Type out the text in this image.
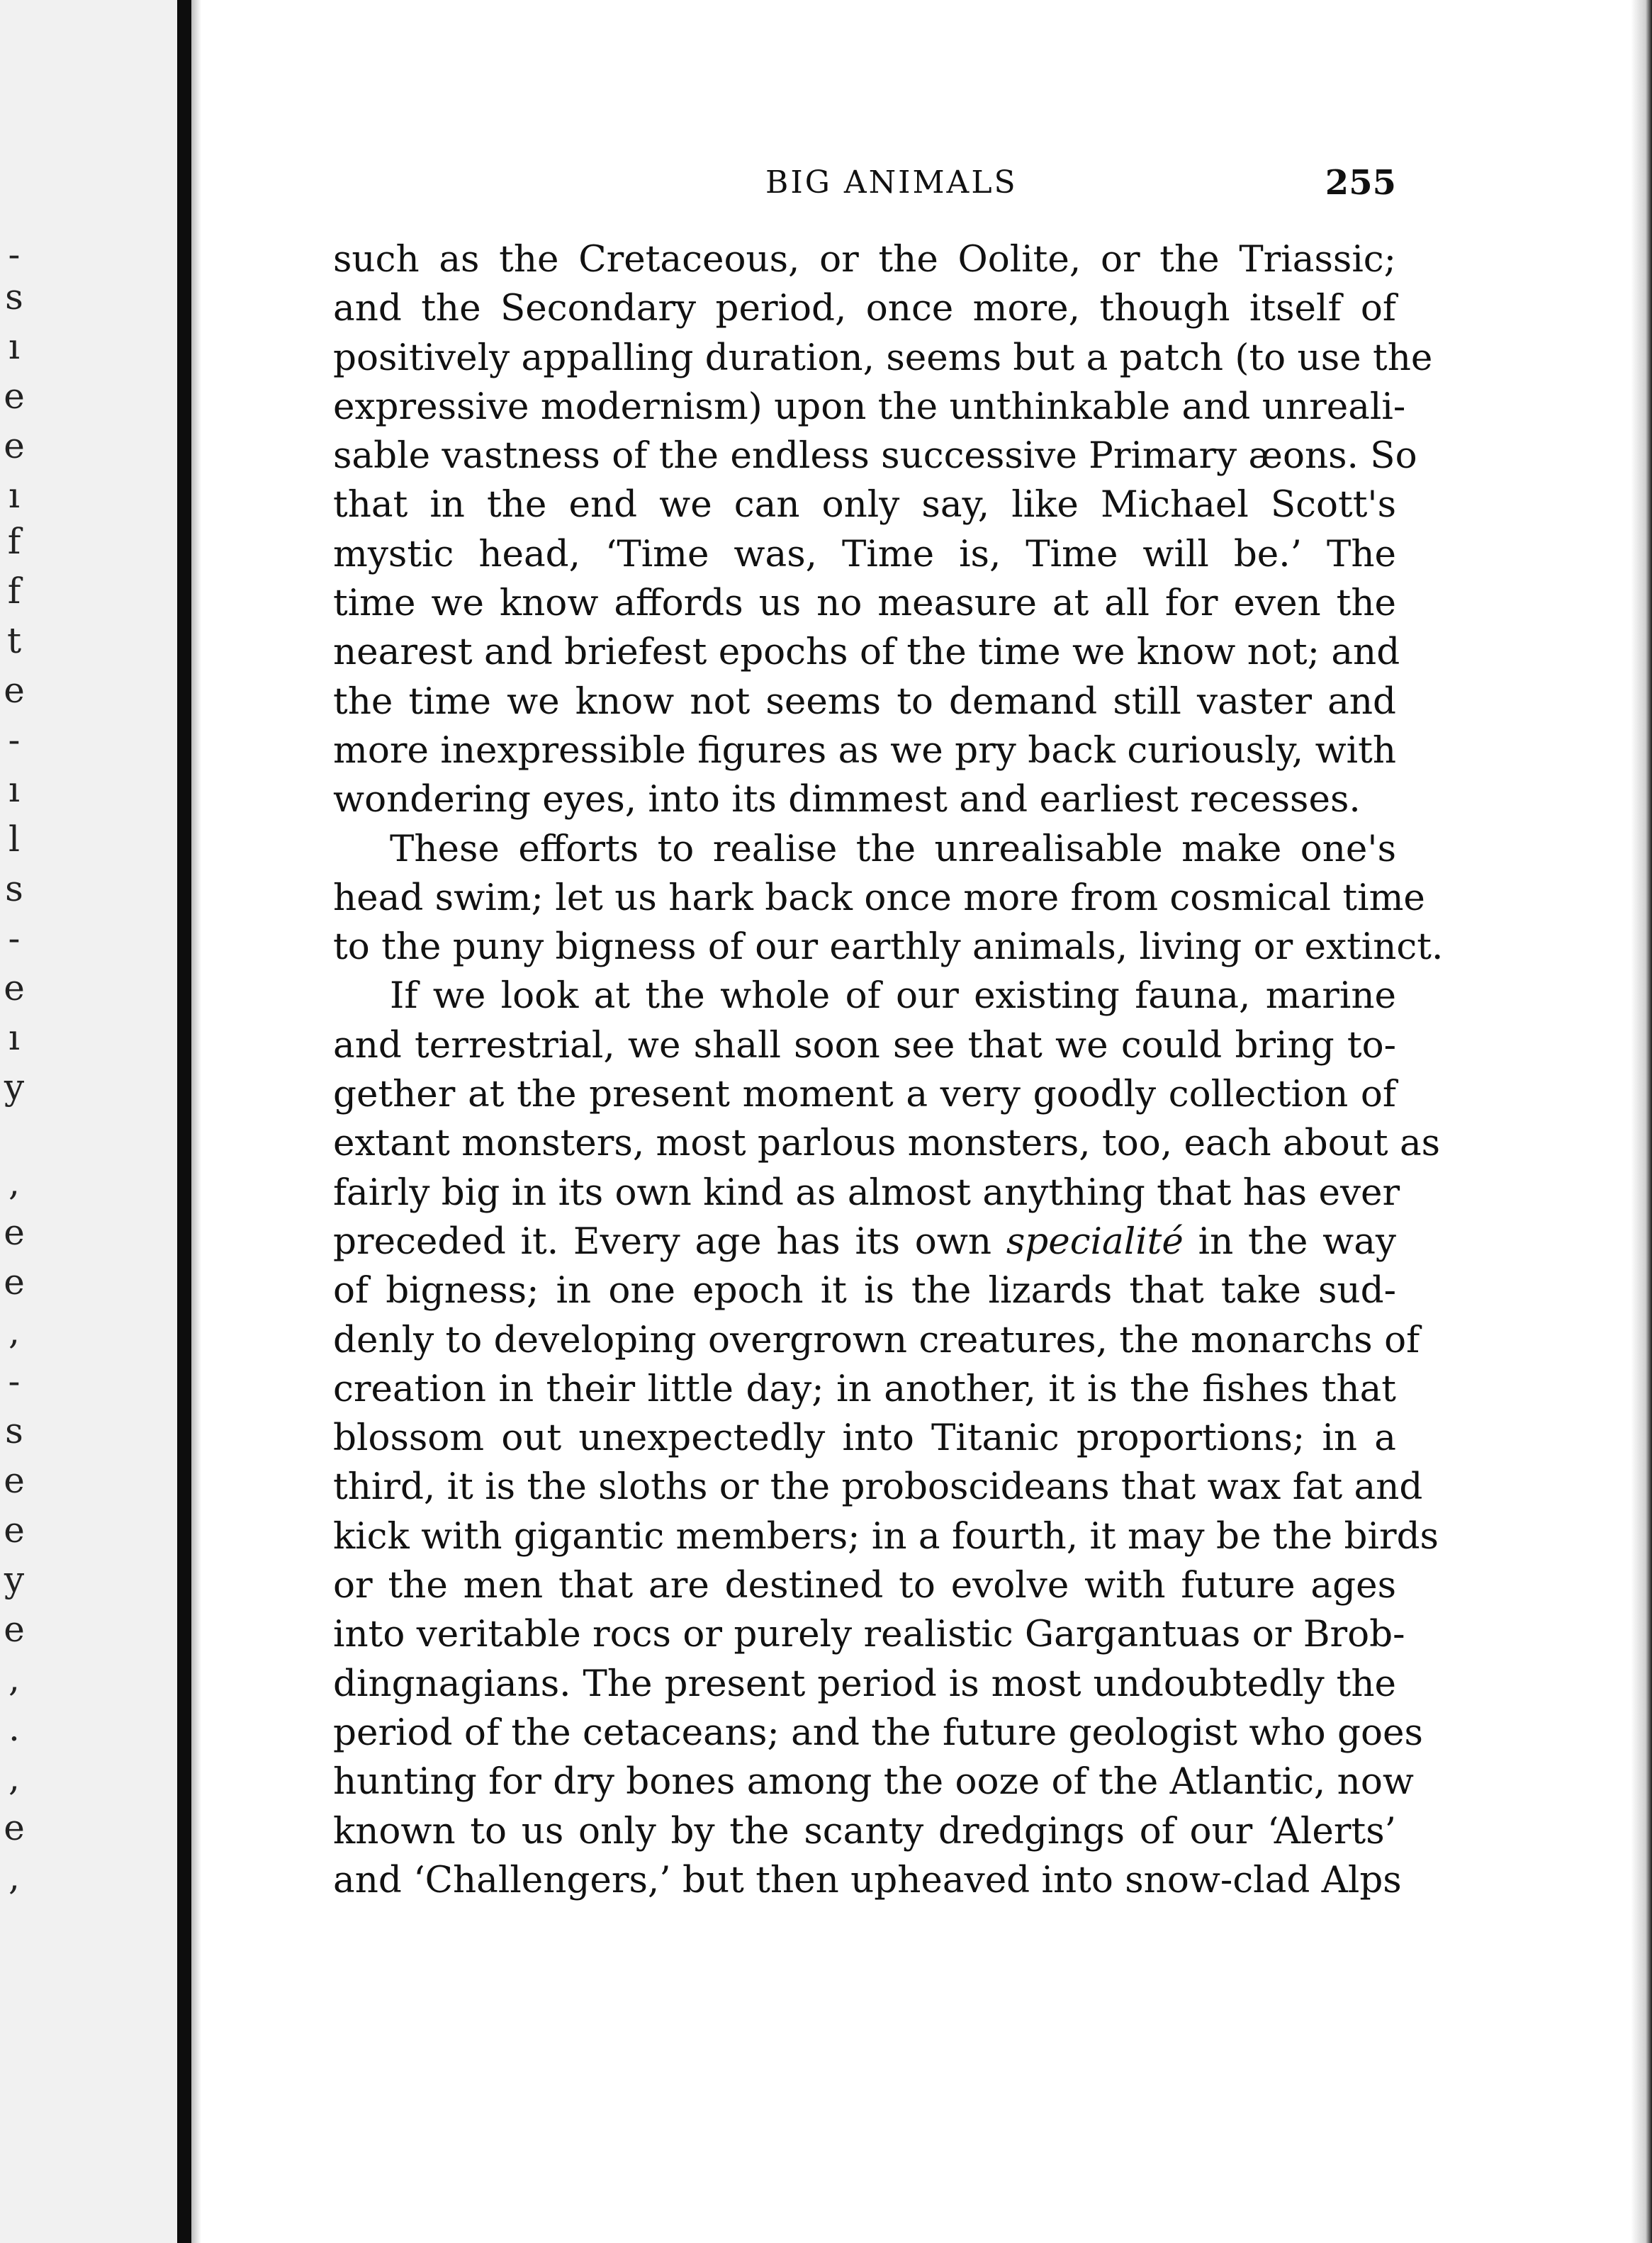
-
s
ı
e
e
ı
f
f
t
e
-
ı
l
s
-
e
ı
y
,
e
e
,
-
s
e
e
y
e
,
.
,
e
,
BIG ANIMALS	255
such as the Cretaceous, or the Oolite, or the Triassic;
and the Secondary period, once more, though itself of
positively appalling duration, seems but a patch (to use the
expressive modernism) upon the unthinkable and unreali-
sable vastness of the endless successive Primary æons. So
that in the end we can only say, like Michael Scott's
mystic head, ‘Time was, Time is, Time will be.’ The
time we know affords us no measure at all for even the
nearest and briefest epochs of the time we know not; and
the time we know not seems to demand still vaster and
more inexpressible figures as we pry back curiously, with
wondering eyes, into its dimmest and earliest recesses.
These efforts to realise the unrealisable make one's
head swim; let us hark back once more from cosmical time
to the puny bigness of our earthly animals, living or extinct.
If we look at the whole of our existing fauna, marine
and terrestrial, we shall soon see that we could bring to-
gether at the present moment a very goodly collection of
extant monsters, most parlous monsters, too, each about as
fairly big in its own kind as almost anything that has ever
preceded it. Every age has its own specialité in the way
of bigness; in one epoch it is the lizards that take sud-
denly to developing overgrown creatures, the monarchs of
creation in their little day; in another, it is the fishes that
blossom out unexpectedly into Titanic proportions; in a
third, it is the sloths or the proboscideans that wax fat and
kick with gigantic members; in a fourth, it may be the birds
or the men that are destined to evolve with future ages
into veritable rocs or purely realistic Gargantuas or Brob-
dingnagians. The present period is most undoubtedly the
period of the cetaceans; and the future geologist who goes
hunting for dry bones among the ooze of the Atlantic, now
known to us only by the scanty dredgings of our ‘Alerts’
and ‘Challengers,’ but then upheaved into snow-clad Alps
